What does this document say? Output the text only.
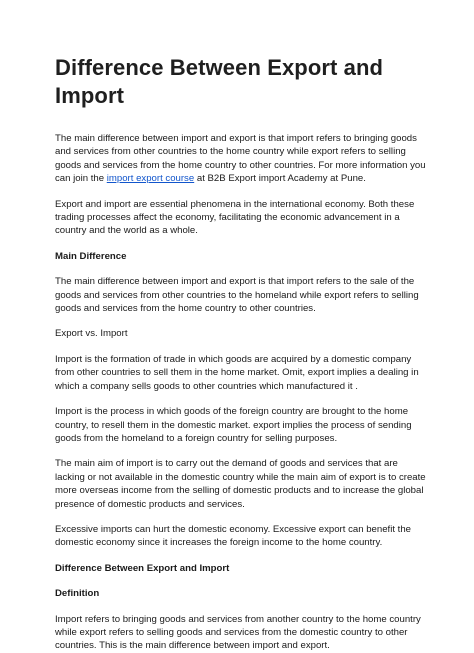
Difference Between Export and Import

The main difference between import and export is that import refers to bringing goods and services from other countries to the home country while export refers to selling goods and services from the home country to other countries. For more information you can join the import export course at B2B Export import Academy at Pune.

Export and import are essential phenomena in the international economy. Both these trading processes affect the economy, facilitating the economic advancement in a country and the world as a whole.

Main Difference

The main difference between import and export is that import refers to the sale of the goods and services from other countries to the homeland while export refers to selling goods and services from the home country to other countries.

Export vs. Import

Import is the formation of trade in which goods are acquired by a domestic company from other countries to sell them in the home market. Omit, export implies a dealing in which a company sells goods to other countries which manufactured it .

Import is the process in which goods of the foreign country are brought to the home country, to resell them in the domestic market. export implies the process of sending goods from the homeland to a foreign country for selling purposes.

The main aim of import is to carry out the demand of goods and services that are lacking or not available in the domestic country while the main aim of export is to create more overseas income from the selling of domestic products and to increase the global presence of domestic products and services.

Excessive imports can hurt the domestic economy. Excessive export can benefit the domestic economy since it increases the foreign income to the home country.

Difference Between Export and Import

Definition

Import refers to bringing goods and services from another country to the home country while export refers to selling goods and services from the domestic country to other countries. This is the main difference between import and export.
